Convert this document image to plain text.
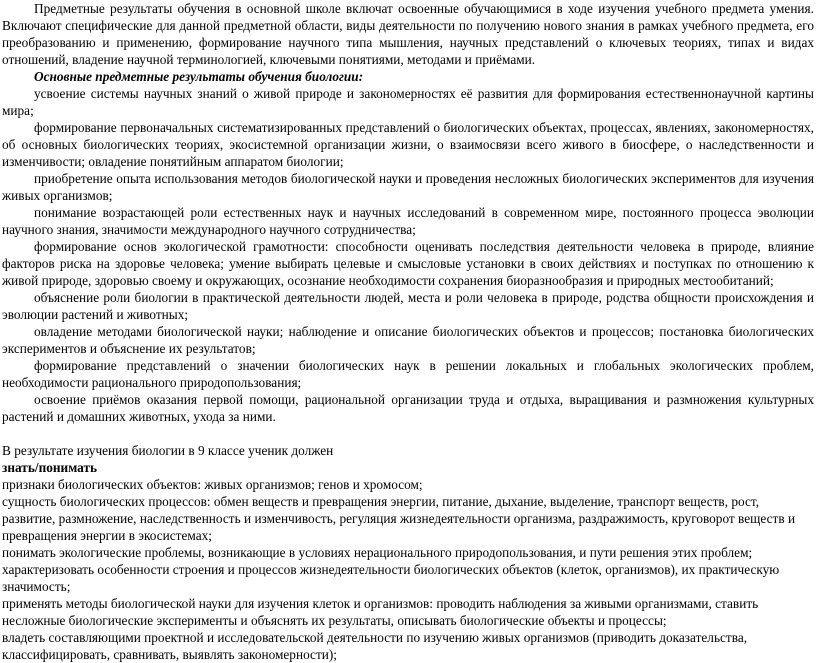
Предметные результаты обучения в основной школе включат освоенные обучающимися в ходе изучения учебного предмета умения. Включают специфические для данной предметной области, виды деятельности по получению нового знания в рамках учебного предмета, его преобразованию и применению, формирование научного типа мышления, научных представлений о ключевых теориях, типах и видах отношений, владение научной терминологией, ключевыми понятиями, методами и приёмами.

Основные предметные результаты обучения биологии:

усвоение системы научных знаний о живой природе и закономерностях её развития для формирования естественнонаучной картины мира;

формирование первоначальных систематизированных представлений о биологических объектах, процессах, явлениях, закономерностях, об основных биологических теориях, экосистемной организации жизни, о взаимосвязи всего живого в биосфере, о наследственности и изменчивости; овладение понятийным аппаратом биологии;

приобретение опыта использования методов биологической науки и проведения несложных биологических экспериментов для изучения живых организмов;

понимание возрастающей роли естественных наук и научных исследований в современном мире, постоянного процесса эволюции научного знания, значимости международного научного сотрудничества;

формирование основ экологической грамотности: способности оценивать последствия деятельности человека в природе, влияние факторов риска на здоровье человека; умение выбирать целевые и смысловые установки в своих действиях и поступках по отношению к живой природе, здоровью своему и окружающих, осознание необходимости сохранения биоразнообразия и природных местообитаний;

объяснение роли биологии в практической деятельности людей, места и роли человека в природе, родства общности происхождения и эволюции растений и животных;

овладение методами биологической науки; наблюдение и описание биологических объектов и процессов; постановка биологических экспериментов и объяснение их результатов;

формирование представлений о значении биологических наук в решении локальных и глобальных экологических проблем, необходимости рационального природопользования;

освоение приёмов оказания первой помощи, рациональной организации труда и отдыха, выращивания и размножения культурных растений и домашних животных, ухода за ними.

В результате изучения биологии в 9 классе ученик должен

знать/понимать

признаки биологических объектов: живых организмов; генов и хромосом;

сущность биологических процессов: обмен веществ и превращения энергии, питание, дыхание, выделение, транспорт веществ, рост, развитие, размножение, наследственность и изменчивость, регуляция жизнедеятельности организма, раздражимость, круговорот веществ и превращения энергии в экосистемах;

понимать экологические проблемы, возникающие в условиях нерационального природопользования, и пути решения этих проблем;

характеризовать особенности строения и процессов жизнедеятельности биологических объектов (клеток, организмов), их практическую значимость;

применять методы биологической науки для изучения клеток и организмов: проводить наблюдения за живыми организмами, ставить несложные биологические эксперименты и объяснять их результаты, описывать биологические объекты и процессы;

владеть составляющими проектной и исследовательской деятельности по изучению живых организмов (приводить доказательства, классифицировать, сравнивать, выявлять закономерности);
